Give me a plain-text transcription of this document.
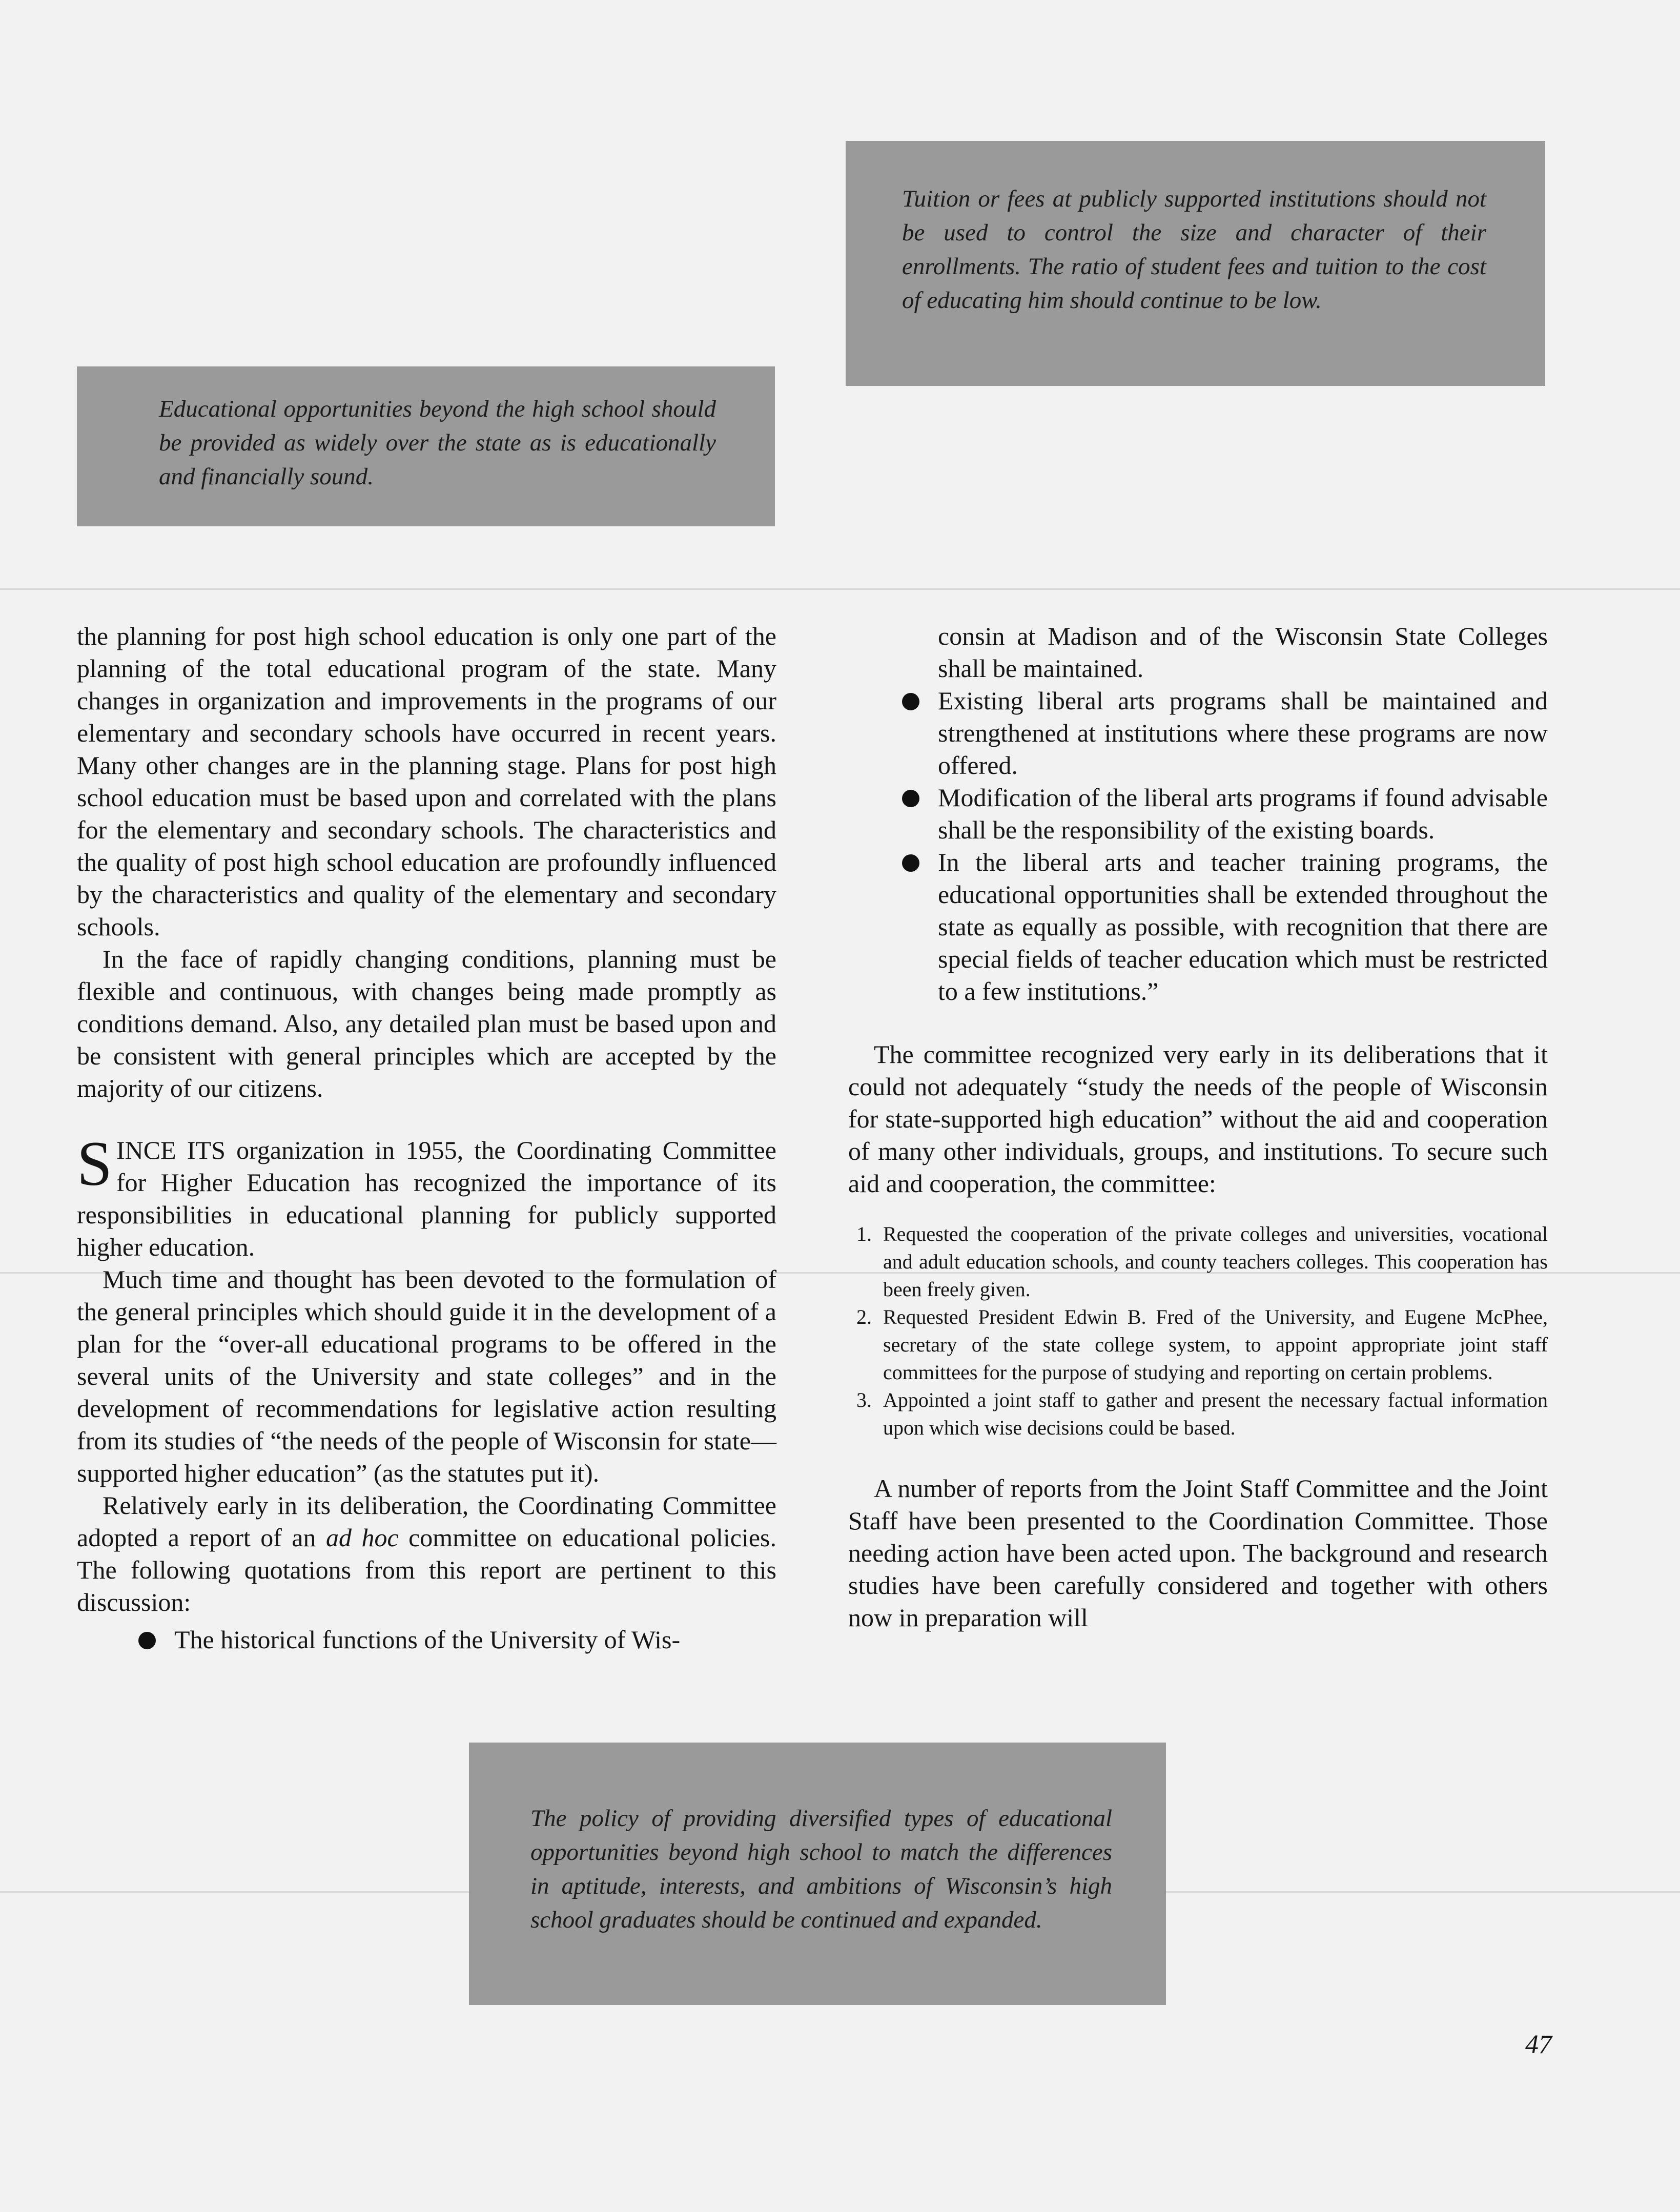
Tuition or fees at publicly supported institutions should not be used to control the size and character of their enrollments. The ratio of student fees and tuition to the cost of educating him should continue to be low.

Educational opportunities beyond the high school should be provided as widely over the state as is educationally and financially sound.

the planning for post high school education is only one part of the planning of the total educational program of the state. Many changes in organization and improvements in the programs of our elementary and secondary schools have occurred in recent years. Many other changes are in the planning stage. Plans for post high school education must be based upon and correlated with the plans for the elementary and secondary schools. The characteristics and the quality of post high school education are profoundly influenced by the characteristics and quality of the elementary and secondary schools.

In the face of rapidly changing conditions, planning must be flexible and continuous, with changes being made promptly as conditions demand. Also, any detailed plan must be based upon and be consistent with general principles which are accepted by the majority of our citizens.

SINCE ITS organization in 1955, the Coordinating Committee for Higher Education has recognized the importance of its responsibilities in educational planning for publicly supported higher education.

Much time and thought has been devoted to the formulation of the general principles which should guide it in the development of a plan for the “over-all educational programs to be offered in the several units of the University and state colleges” and in the development of recommendations for legislative action resulting from its studies of “the needs of the people of Wisconsin for state—supported higher education” (as the statutes put it).

Relatively early in its deliberation, the Coordinating Committee adopted a report of an ad hoc committee on educational policies. The following quotations from this report are pertinent to this discussion:

The historical functions of the University of Wis-

consin at Madison and of the Wisconsin State Colleges shall be maintained.

Existing liberal arts programs shall be maintained and strengthened at institutions where these programs are now offered.
Modification of the liberal arts programs if found advisable shall be the responsibility of the existing boards.
In the liberal arts and teacher training programs, the educational opportunities shall be extended throughout the state as equally as possible, with recognition that there are special fields of teacher education which must be restricted to a few institutions.”

The committee recognized very early in its deliberations that it could not adequately “study the needs of the people of Wisconsin for state-supported high education” without the aid and cooperation of many other individuals, groups, and institutions. To secure such aid and cooperation, the committee:

1. Requested the cooperation of the private colleges and universities, vocational and adult education schools, and county teachers colleges. This cooperation has been freely given.
2. Requested President Edwin B. Fred of the University, and Eugene McPhee, secretary of the state college system, to appoint appropriate joint staff committees for the purpose of studying and reporting on certain problems.
3. Appointed a joint staff to gather and present the necessary factual information upon which wise decisions could be based.

A number of reports from the Joint Staff Committee and the Joint Staff have been presented to the Coordination Committee. Those needing action have been acted upon. The background and research studies have been carefully considered and together with others now in preparation will

The policy of providing diversified types of educational opportunities beyond high school to match the differences in aptitude, interests, and ambitions of Wisconsin’s high school graduates should be continued and expanded.

47
